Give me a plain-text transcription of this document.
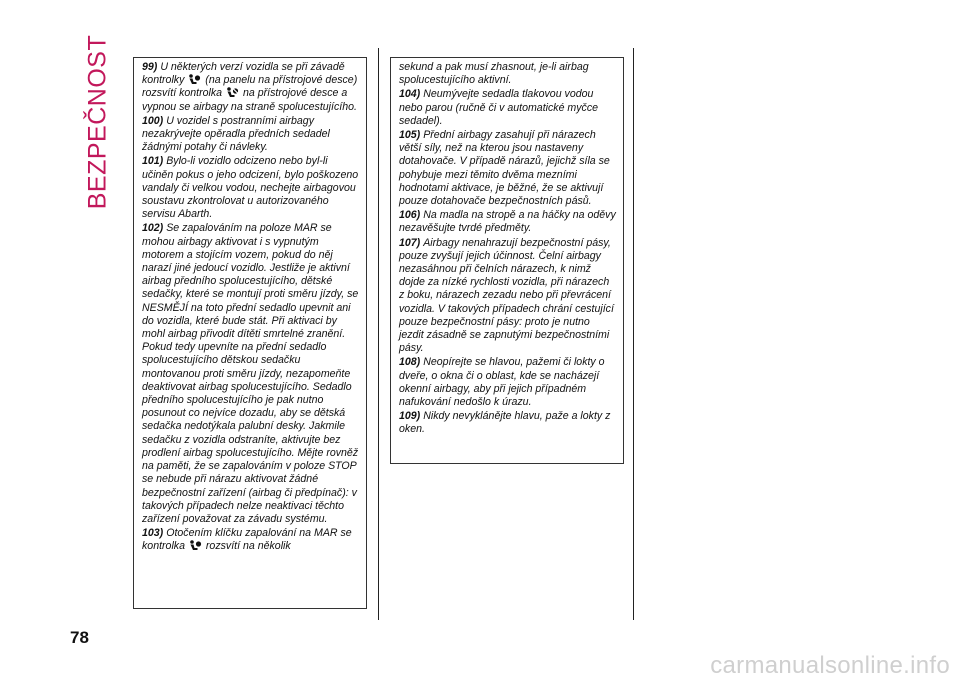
BEZPEČNOST	99) U některých verzí vozidla se při závadě kontrolky (na panelu na přístrojové desce) rozsvítí kontrolka na přístrojové desce a vypnou se airbagy na straně spolucestujícího.

100) U vozidel s postranními airbagy nezakrývejte opěradla předních sedadel žádnými potahy či návleky.

101) Bylo-li vozidlo odcizeno nebo byl-li učiněn pokus o jeho odcizení, bylo poškozeno vandaly či velkou vodou, nechejte airbagovou soustavu zkontrolovat u autorizovaného servisu Abarth.

102) Se zapalováním na poloze MAR se mohou airbagy aktivovat i s vypnutým motorem a stojícím vozem, pokud do něj narazí jiné jedoucí vozidlo. Jestliže je aktivní airbag předního spolucestujícího, dětské sedačky, které se montují proti směru jízdy, se NESMĚJÍ na toto přední sedadlo upevnit ani do vozidla, které bude stát. Při aktivaci by mohl airbag přivodit dítěti smrtelné zranění. Pokud tedy upevníte na přední sedadlo spolucestujícího dětskou sedačku montovanou proti směru jízdy, nezapomeňte deaktivovat airbag spolucestujícího. Sedadlo předního spolucestujícího je pak nutno posunout co nejvíce dozadu, aby se dětská sedačka nedotýkala palubní desky. Jakmile sedačku z vozidla odstraníte, aktivujte bez prodlení airbag spolucestujícího. Mějte rovněž na paměti, že se zapalováním v poloze STOP se nebude při nárazu aktivovat žádné bezpečnostní zařízení (airbag či předpínač): v takových případech nelze neaktivaci těchto zařízení považovat za závadu systému.

103) Otočením klíčku zapalování na MAR se kontrolka rozsvítí na několik

sekund a pak musí zhasnout, je-li airbag spolucestujícího aktivní.

104) Neumývejte sedadla tlakovou vodou nebo parou (ručně či v automatické myčce sedadel).

105) Přední airbagy zasahují při nárazech větší síly, než na kterou jsou nastaveny dotahovače. V případě nárazů, jejichž síla se pohybuje mezi těmito dvěma mezními hodnotami aktivace, je běžné, že se aktivují pouze dotahovače bezpečnostních pásů.

106) Na madla na stropě a na háčky na oděvy nezavěšujte tvrdé předměty.

107) Airbagy nenahrazují bezpečnostní pásy, pouze zvyšují jejich účinnost. Čelní airbagy nezasáhnou při čelních nárazech, k nimž dojde za nízké rychlosti vozidla, při nárazech z boku, nárazech zezadu nebo při převrácení vozidla. V takových případech chrání cestující pouze bezpečnostní pásy: proto je nutno jezdit zásadně se zapnutými bezpečnostními pásy.

108) Neopírejte se hlavou, pažemi či lokty o dveře, o okna či o oblast, kde se nacházejí okenní airbagy, aby při jejich případném nafukování nedošlo k úrazu.

109) Nikdy nevyklánějte hlavu, paže a lokty z oken.

78
carmanualsonline.info
